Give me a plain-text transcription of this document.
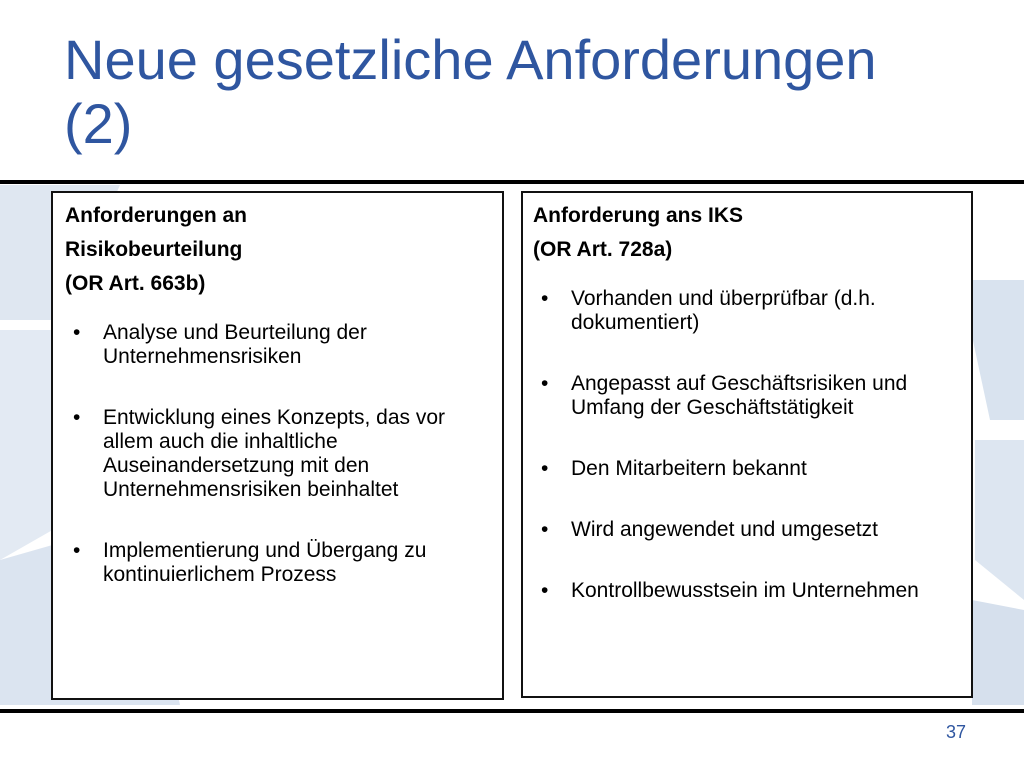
Neue gesetzliche Anforderungen
(2)
Anforderungen an
Risikobeurteilung
(OR Art. 663b)
• Analyse und Beurteilung der Unternehmensrisiken
• Entwicklung eines Konzepts, das vor allem auch die inhaltliche Auseinandersetzung mit den Unternehmensrisiken beinhaltet
• Implementierung und Übergang zu kontinuierlichem Prozess
Anforderung ans IKS
(OR Art. 728a)
• Vorhanden und überprüfbar (d.h. dokumentiert)
• Angepasst auf Geschäftsrisiken und Umfang der Geschäftstätigkeit
• Den Mitarbeitern bekannt
• Wird angewendet und umgesetzt
• Kontrollbewusstsein im Unternehmen
37
